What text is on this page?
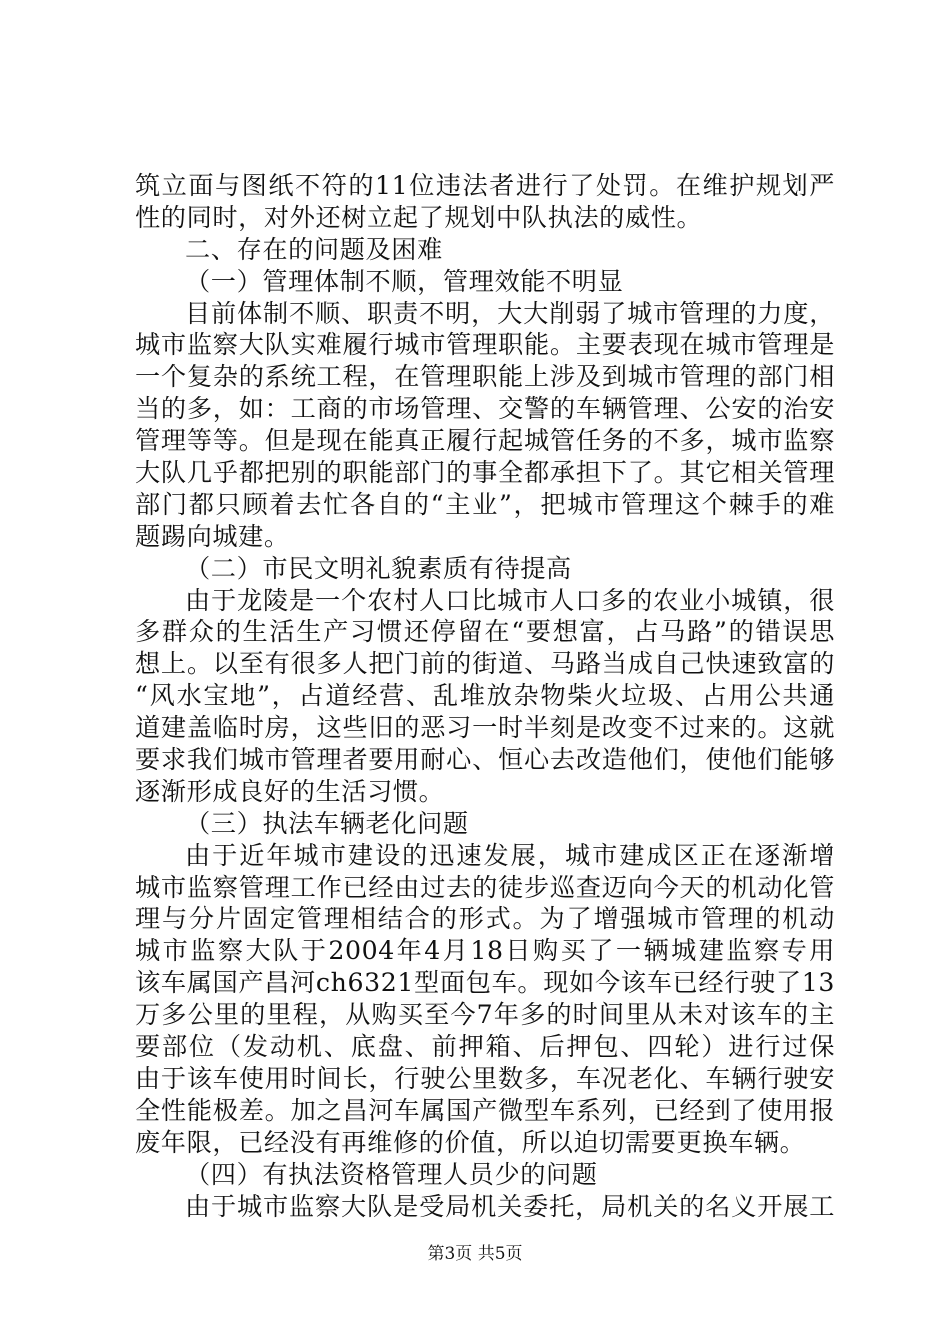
筑立面与图纸不符的11位违法者进行了处罚。在维护规划严
性的同时，对外还树立起了规划中队执法的威性。
二、存在的问题及困难
（一）管理体制不顺，管理效能不明显
目前体制不顺、职责不明，大大削弱了城市管理的力度，
城市监察大队实难履行城市管理职能。主要表现在城市管理是
一个复杂的系统工程，在管理职能上涉及到城市管理的部门相
当的多，如：工商的市场管理、交警的车辆管理、公安的治安
管理等等。但是现在能真正履行起城管任务的不多，城市监察
大队几乎都把别的职能部门的事全都承担下了。其它相关管理
部门都只顾着去忙各自的“主业”，把城市管理这个棘手的难
题踢向城建。
（二）市民文明礼貌素质有待提高
由于龙陵是一个农村人口比城市人口多的农业小城镇，很
多群众的生活生产习惯还停留在“要想富，占马路”的错误思
想上。以至有很多人把门前的街道、马路当成自己快速致富的
“风水宝地”，占道经营、乱堆放杂物柴火垃圾、占用公共通
道建盖临时房，这些旧的恶习一时半刻是改变不过来的。这就
要求我们城市管理者要用耐心、恒心去改造他们，使他们能够
逐渐形成良好的生活习惯。
（三）执法车辆老化问题
由于近年城市建设的迅速发展，城市建成区正在逐渐增
城市监察管理工作已经由过去的徒步巡查迈向今天的机动化管
理与分片固定管理相结合的形式。为了增强城市管理的机动
城市监察大队于2004年4月18日购买了一辆城建监察专用
该车属国产昌河ch6321型面包车。现如今该车已经行驶了13
万多公里的里程，从购买至今7年多的时间里从未对该车的主
要部位（发动机、底盘、前押箱、后押包、四轮）进行过保
由于该车使用时间长，行驶公里数多，车况老化、车辆行驶安
全性能极差。加之昌河车属国产微型车系列，已经到了使用报
废年限，已经没有再维修的价值，所以迫切需要更换车辆。
（四）有执法资格管理人员少的问题
由于城市监察大队是受局机关委托，局机关的名义开展工
第3页 共5页
